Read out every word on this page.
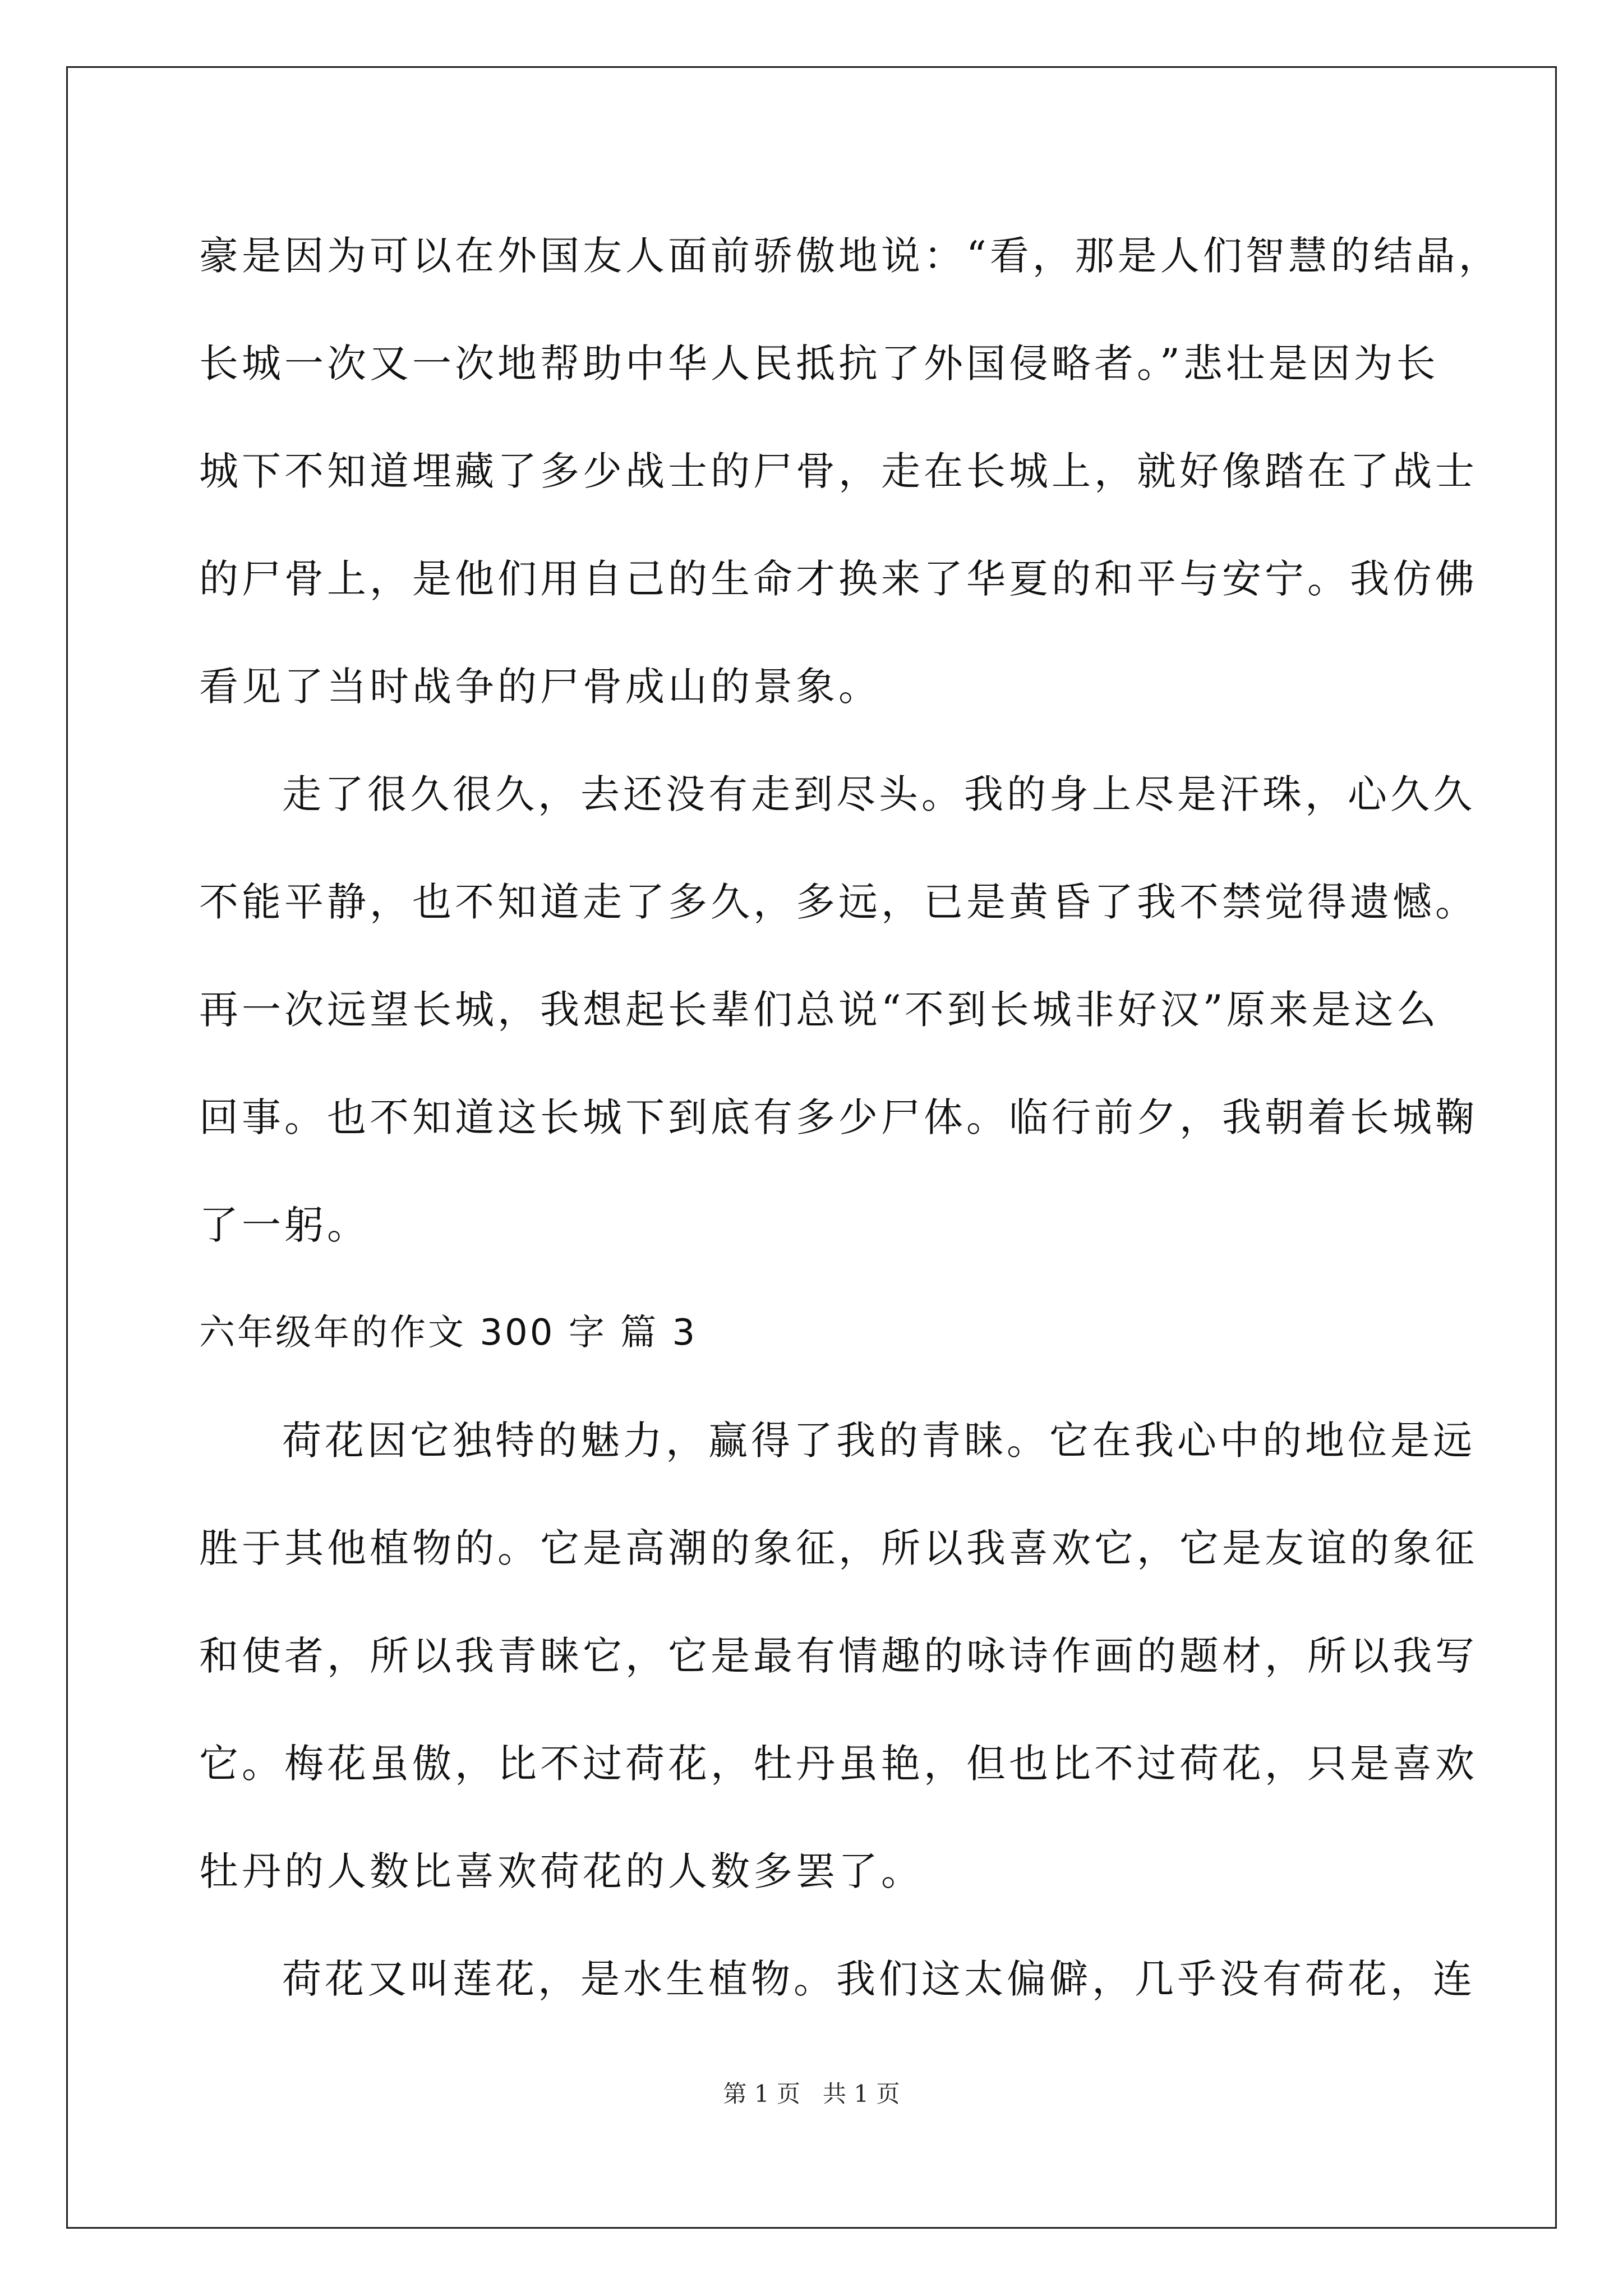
豪是因为可以在外国友人面前骄傲地说：“看，那是人们智慧的结晶，
长城一次又一次地帮助中华人民抵抗了外国侵略者。”悲壮是因为长
城下不知道埋藏了多少战士的尸骨，走在长城上，就好像踏在了战士
的尸骨上，是他们用自己的生命才换来了华夏的和平与安宁。我仿佛
看见了当时战争的尸骨成山的景象。
走了很久很久，去还没有走到尽头。我的身上尽是汗珠，心久久
不能平静，也不知道走了多久，多远，已是黄昏了我不禁觉得遗憾。
再一次远望长城，我想起长辈们总说“不到长城非好汉”原来是这么
回事。也不知道这长城下到底有多少尸体。临行前夕，我朝着长城鞠
了一躬。
六年级年的作文 300 字 篇 3
荷花因它独特的魅力，赢得了我的青睐。它在我心中的地位是远
胜于其他植物的。它是高潮的象征，所以我喜欢它，它是友谊的象征
和使者，所以我青睐它，它是最有情趣的咏诗作画的题材，所以我写
它。梅花虽傲，比不过荷花，牡丹虽艳，但也比不过荷花，只是喜欢
牡丹的人数比喜欢荷花的人数多罢了。
荷花又叫莲花，是水生植物。我们这太偏僻，几乎没有荷花，连
第 1 页   共 1 页
